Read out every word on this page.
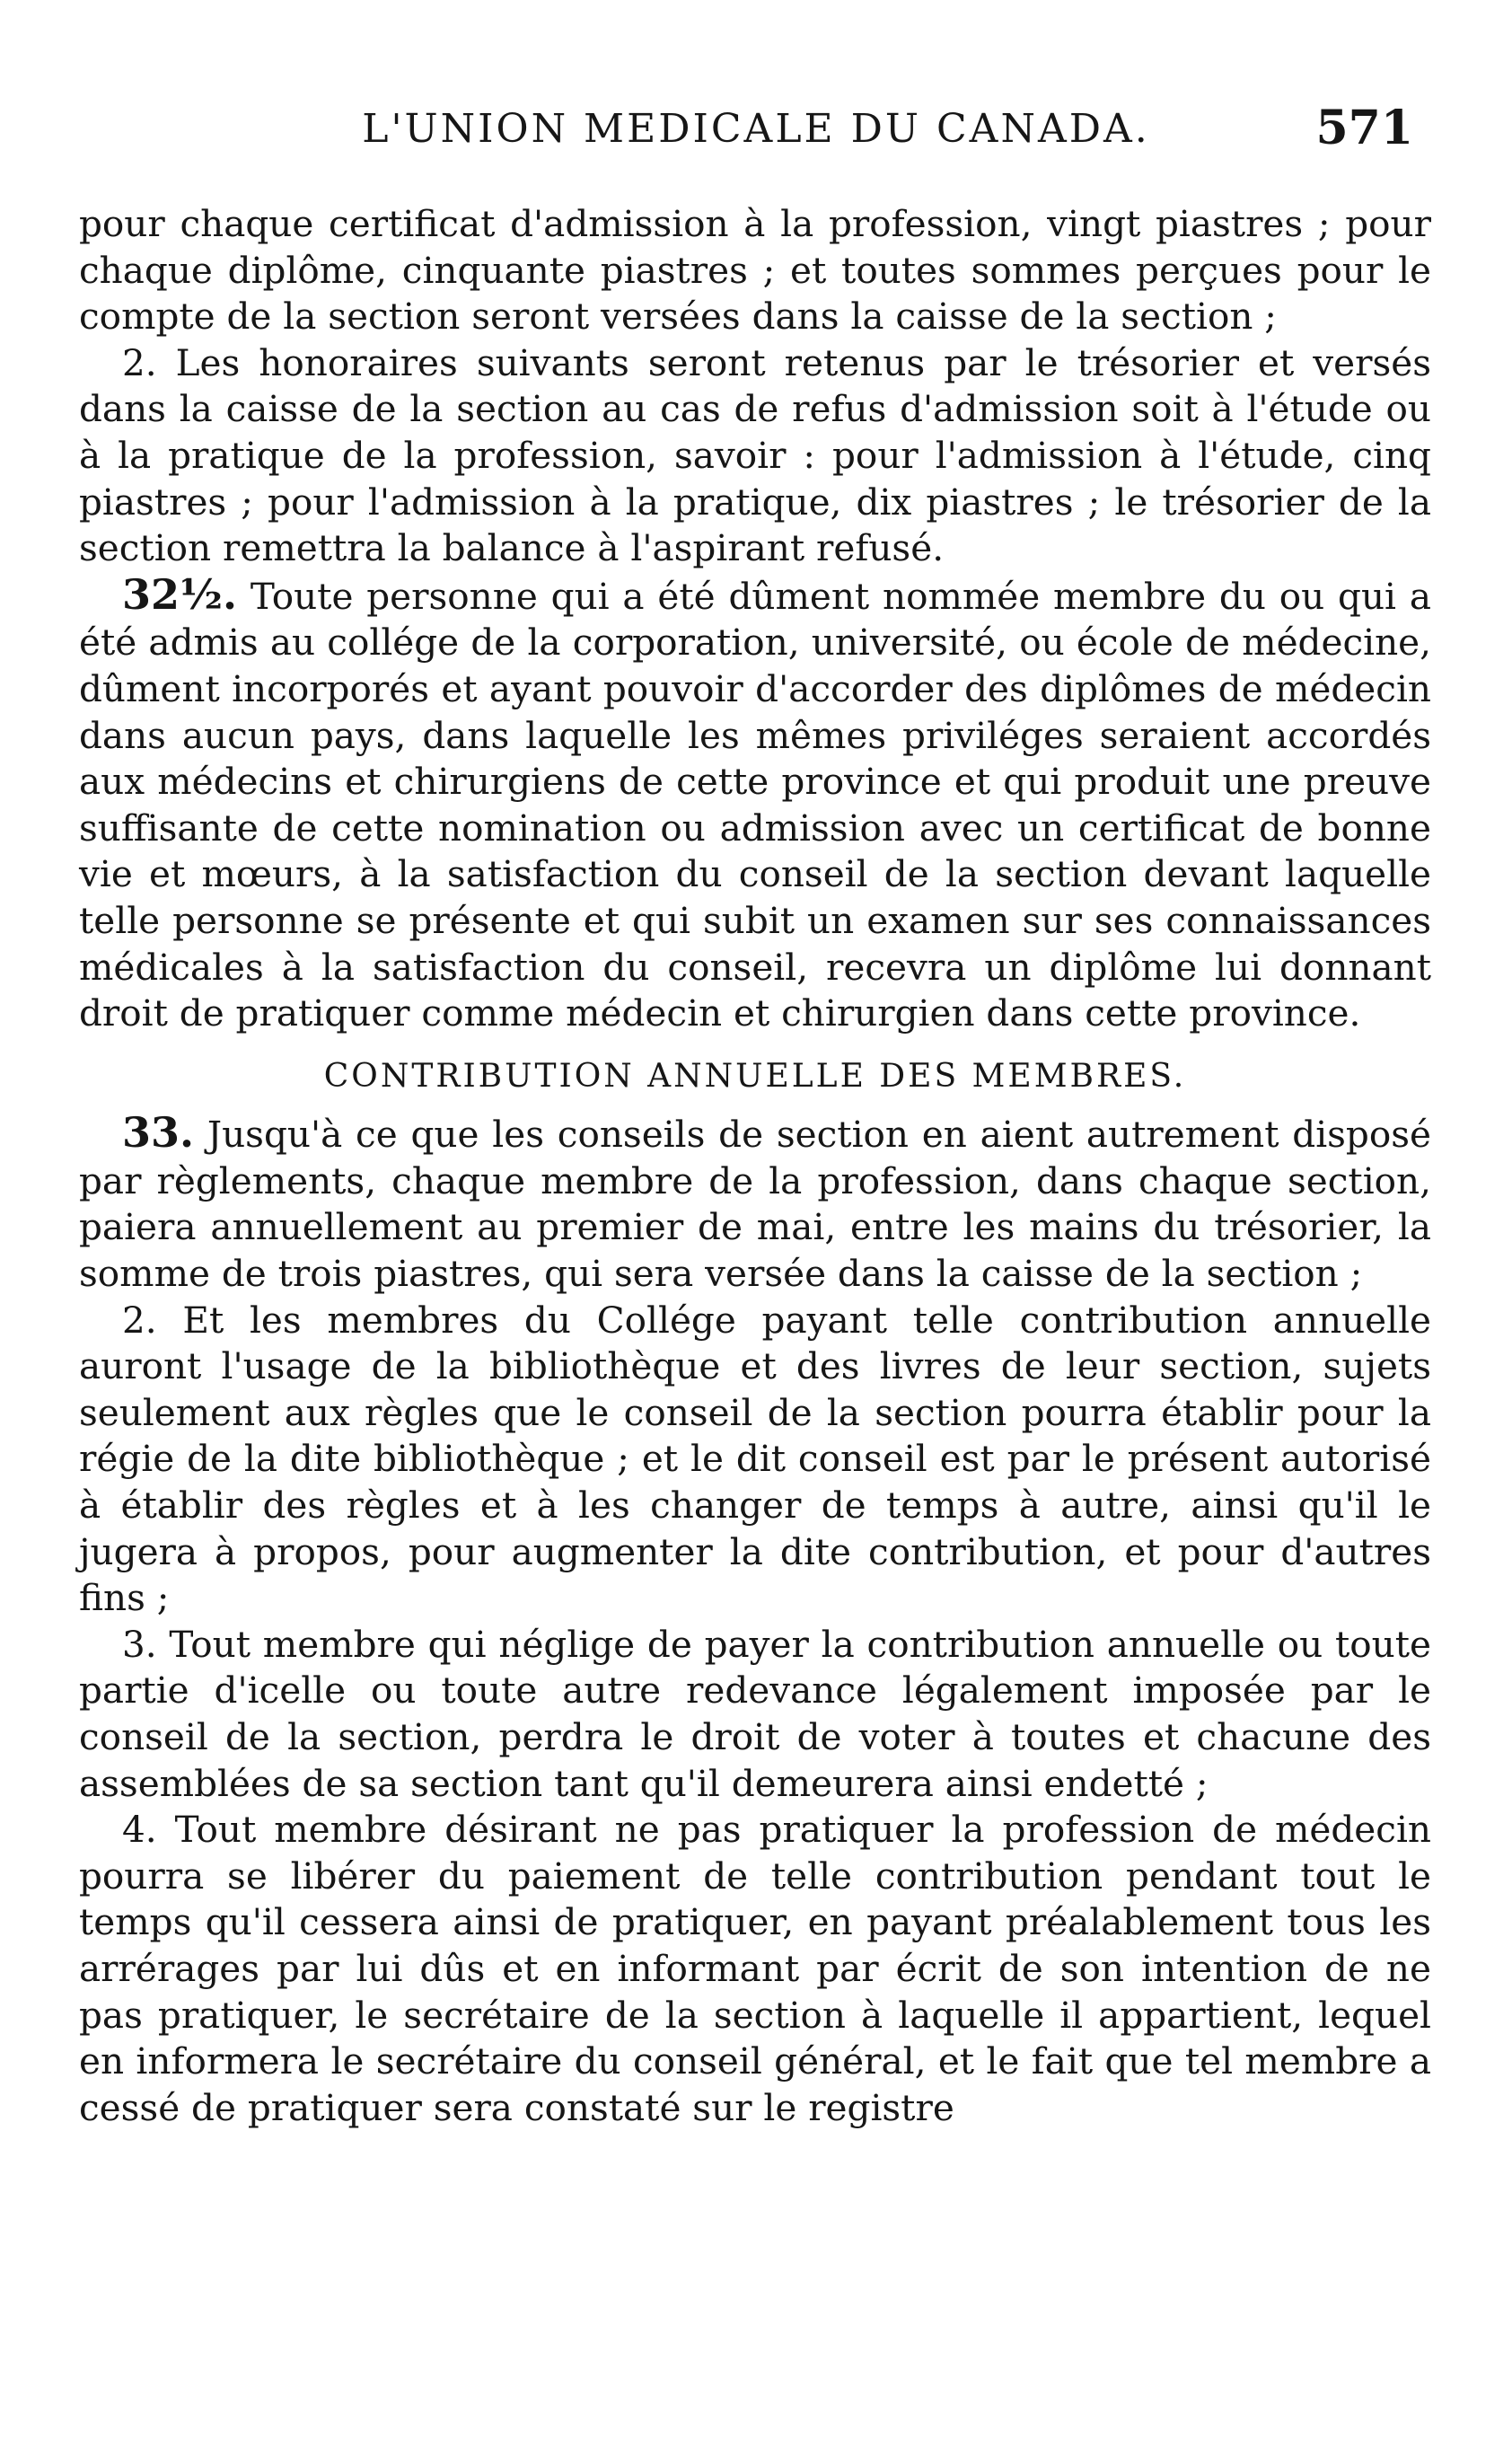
L'UNION MEDICALE DU CANADA.	571

pour chaque certificat d'admission à la profession, vingt piastres ; pour chaque diplôme, cinquante piastres ; et toutes sommes perçues pour le compte de la section seront versées dans la caisse de la section ;

2. Les honoraires suivants seront retenus par le trésorier et versés dans la caisse de la section au cas de refus d'admission soit à l'étude ou à la pratique de la profession, savoir : pour l'admission à l'étude, cinq piastres ; pour l'admission à la pratique, dix piastres ; le trésorier de la section remettra la balance à l'aspirant refusé.

32½. Toute personne qui a été dûment nommée membre du ou qui a été admis au collége de la corporation, université, ou école de médecine, dûment incorporés et ayant pouvoir d'accorder des diplômes de médecin dans aucun pays, dans laquelle les mêmes priviléges seraient accordés aux médecins et chirurgiens de cette province et qui produit une preuve suffisante de cette nomination ou admission avec un certificat de bonne vie et mœurs, à la satisfaction du conseil de la section devant laquelle telle personne se présente et qui subit un examen sur ses connaissances médicales à la satisfaction du conseil, recevra un diplôme lui donnant droit de pratiquer comme médecin et chirurgien dans cette province.

CONTRIBUTION ANNUELLE DES MEMBRES.

33. Jusqu'à ce que les conseils de section en aient autrement disposé par règlements, chaque membre de la profession, dans chaque section, paiera annuellement au premier de mai, entre les mains du trésorier, la somme de trois piastres, qui sera versée dans la caisse de la section ;

2. Et les membres du Collége payant telle contribution annuelle auront l'usage de la bibliothèque et des livres de leur section, sujets seulement aux règles que le conseil de la section pourra établir pour la régie de la dite bibliothèque ; et le dit conseil est par le présent autorisé à établir des règles et à les changer de temps à autre, ainsi qu'il le jugera à propos, pour augmenter la dite contribution, et pour d'autres fins ;

3. Tout membre qui néglige de payer la contribution annuelle ou toute partie d'icelle ou toute autre redevance légalement imposée par le conseil de la section, perdra le droit de voter à toutes et chacune des assemblées de sa section tant qu'il demeurera ainsi endetté ;

4. Tout membre désirant ne pas pratiquer la profession de médecin pourra se libérer du paiement de telle contribution pendant tout le temps qu'il cessera ainsi de pratiquer, en payant préalablement tous les arrérages par lui dûs et en informant par écrit de son intention de ne pas pratiquer, le secrétaire de la section à laquelle il appartient, lequel en informera le secrétaire du conseil général, et le fait que tel membre a cessé de pratiquer sera constaté sur le registre
